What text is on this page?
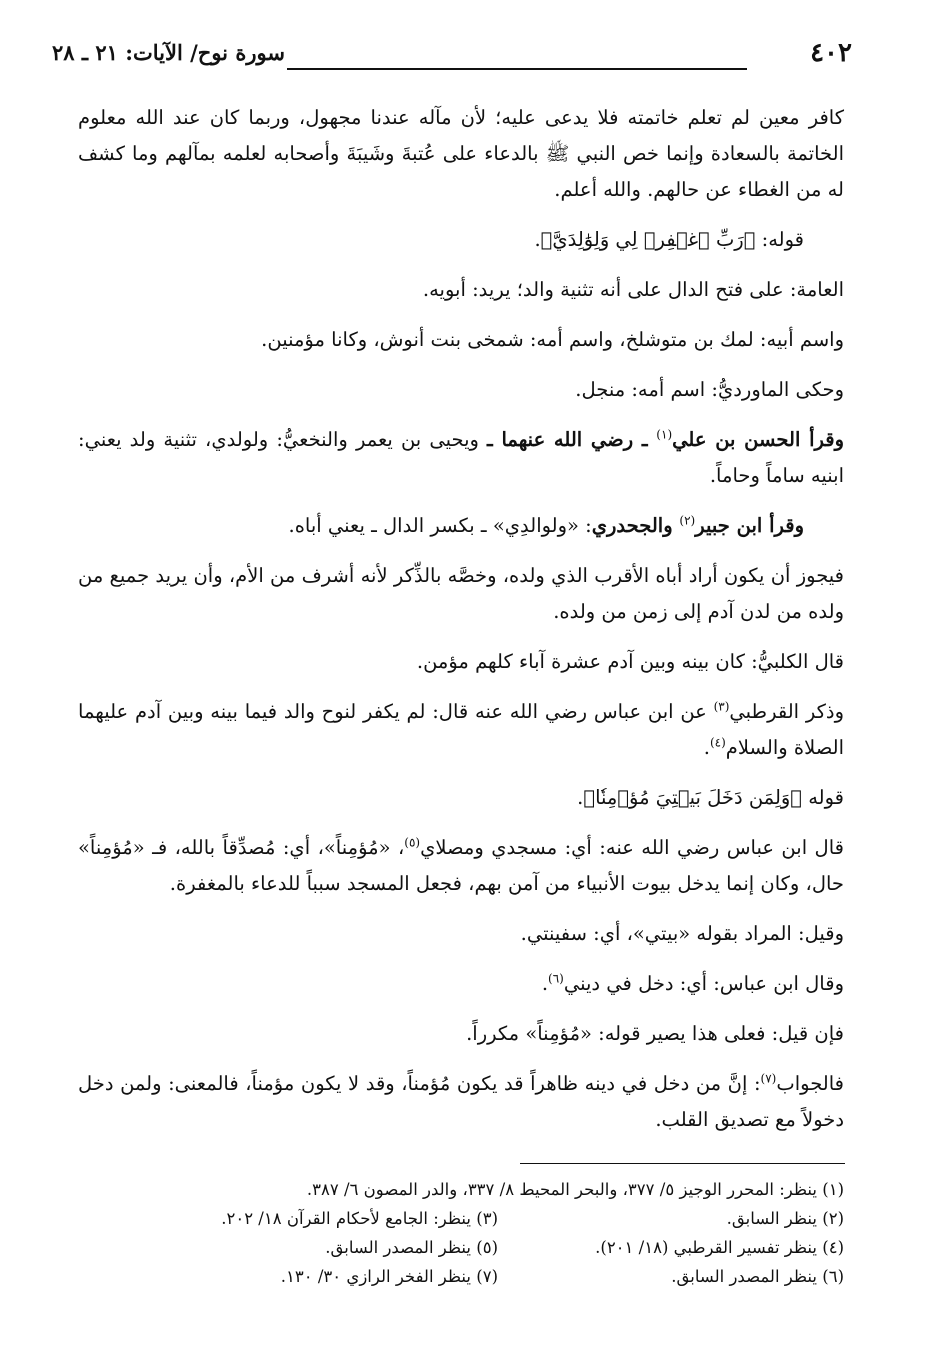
٤٠٢
سورة نوح/ الآيات: ٢١ ـ ٢٨

كافر معين لم تعلم خاتمته فلا يدعى عليه؛ لأن مآله عندنا مجهول، وربما كان عند الله معلوم الخاتمة بالسعادة وإنما خص النبي ﷺ بالدعاء على عُتبةَ وشَيبَةَ وأصحابه لعلمه بمآلهم وما كشف له من الغطاء عن حالهم. والله أعلم.

قوله: ﴿رَبِّ ٱغۡفِرۡ لِي وَلِوَٰلِدَيَّ﴾.

العامة: على فتح الدال على أنه تثنية والد؛ يريد: أبويه.

واسم أبيه: لمك بن متوشلخ، واسم أمه: شمخى بنت أنوش، وكانا مؤمنين.

وحكى الماورديُّ: اسم أمه: منجل.

وقرأ الحسن بن علي$^{(١)}$ ـ رضي الله عنهما ـ ويحيى بن يعمر والنخعيُّ: ولولدي، تثنية ولد يعني: ابنيه ساماً وحاماً.

وقرأ ابن جبير$^{(٢)}$ والجحدري: «ولوالدِي» ـ بكسر الدال ـ يعني أباه.

فيجوز أن يكون أراد أباه الأقرب الذي ولده، وخصَّه بالذِّكر لأنه أشرف من الأم، وأن يريد جميع من ولده من لدن آدم إلى زمن من ولده.

قال الكلبيُّ: كان بينه وبين آدم عشرة آباء كلهم مؤمن.

وذكر القرطبي$^{(٣)}$ عن ابن عباس رضي الله عنه قال: لم يكفر لنوح والد فيما بينه وبين آدم عليهما الصلاة والسلام$^{(٤)}$.

قوله ﴿وَلِمَن دَخَلَ بَيۡتِيَ مُؤۡمِنٗا﴾.

قال ابن عباس رضي الله عنه: أي: مسجدي ومصلاي$^{(٥)}$، «مُؤمِناً»، أي: مُصدِّقاً بالله، فـ «مُؤمِناً» حال، وكان إنما يدخل بيوت الأنبياء من آمن بهم، فجعل المسجد سبباً للدعاء بالمغفرة.

وقيل: المراد بقوله «بيتي»، أي: سفينتي.

وقال ابن عباس: أي: دخل في ديني$^{(٦)}$.

فإن قيل: فعلى هذا يصير قوله: «مُؤمِناً» مكرراً.

فالجواب$^{(٧)}$: إنَّ من دخل في دينه ظاهراً قد يكون مُؤمناً، وقد لا يكون مؤمناً، فالمعنى: ولمن دخل دخولاً مع تصديق القلب.

(١) ينظر: المحرر الوجيز ٥/ ٣٧٧، والبحر المحيط ٨/ ٣٣٧، والدر المصون ٦/ ٣٨٧.
(٢) ينظر السابق.
(٣) ينظر: الجامع لأحكام القرآن ١٨/ ٢٠٢.
(٤) ينظر تفسير القرطبي (١٨/ ٢٠١).
(٥) ينظر المصدر السابق.
(٦) ينظر المصدر السابق.
(٧) ينظر الفخر الرازي ٣٠/ ١٣٠.
